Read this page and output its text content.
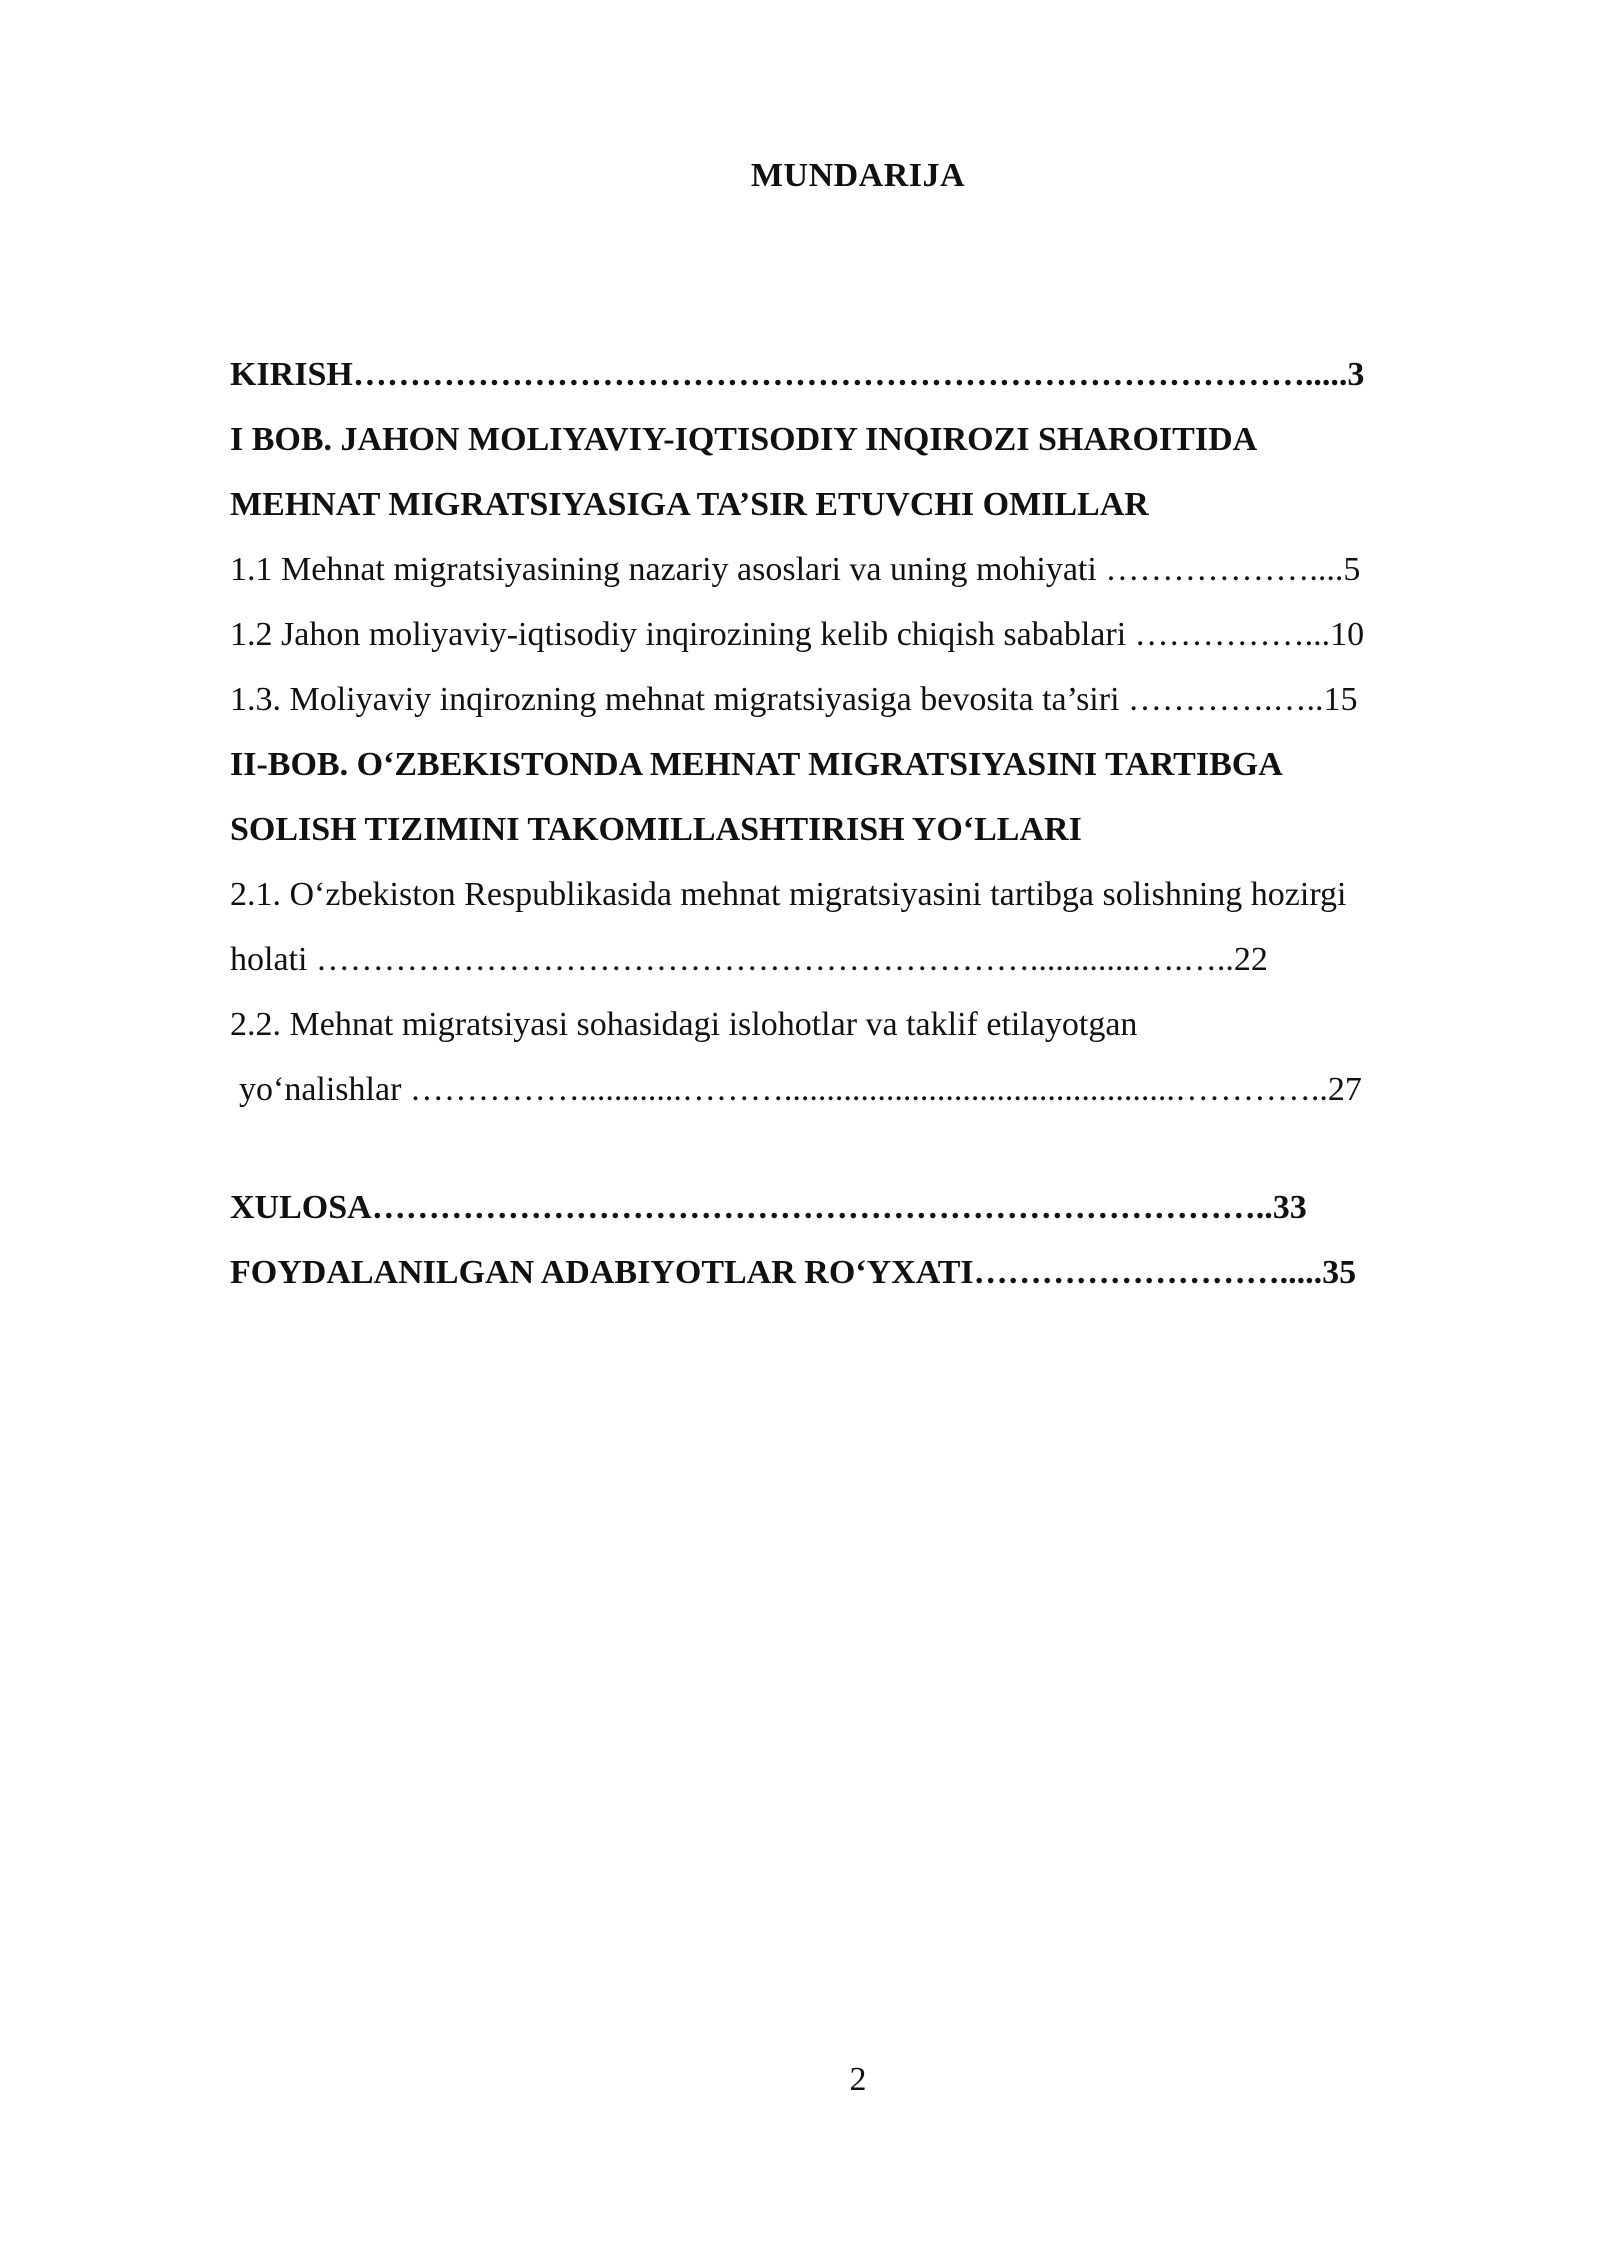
MUNDARIJA
KIRISH………………………………………………………………………….....3
I BOB. JAHON MOLIYAVIY-IQTISODIY INQIROZI SHAROITIDA
MEHNAT MIGRATSIYASIGA TA’SIR ETUVCHI OMILLAR
1.1 Mehnat migratsiyasining nazariy asoslari va uning mohiyati ………………....5
1.2 Jahon moliyaviy-iqtisodiy inqirozining kelib chiqish sabablari ……………...10
1.3. Moliyaviy inqirozning mehnat migratsiyasiga bevosita ta’siri ………….…..15
II-BOB. O‘ZBEKISTONDA MEHNAT MIGRATSIYASINI TARTIBGA
SOLISH TIZIMINI TAKOMILLASHTIRISH YO‘LLARI
2.1. O‘zbekiston Respublikasida mehnat migratsiyasini tartibga solishning hozirgi
holati ……………………………………………………….............….…..22
2.2. Mehnat migratsiyasi sohasidagi islohotlar va taklif etilayotgan
yo‘nalishlar ……………............………..............................................…………..27
XULOSA……………………………………………………………………..33
FOYDALANILGAN ADABIYOTLAR RO‘YXATI……………………….....35
2
